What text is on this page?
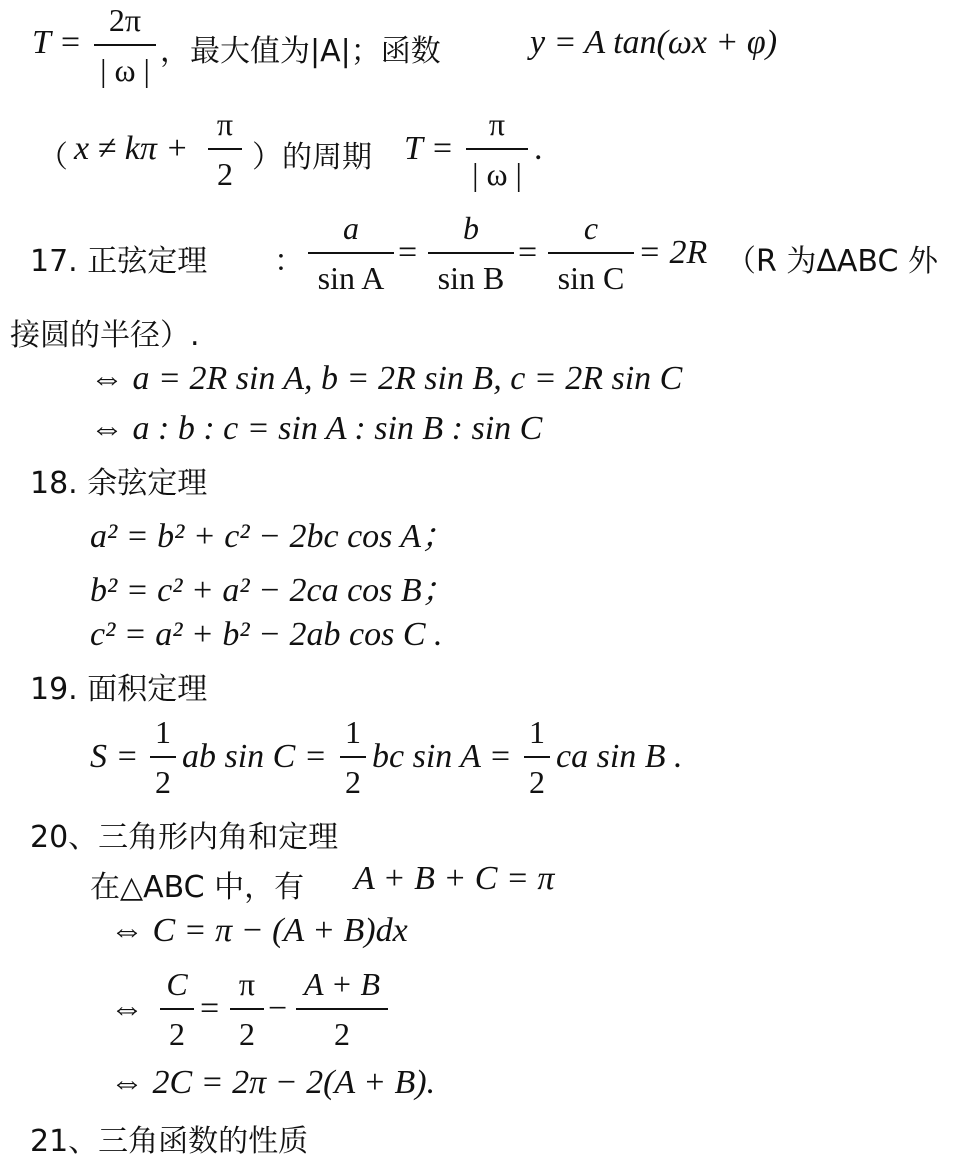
T =
2π
| ω |
，最大值为|A|；函数	y = A tan(ωx + φ)
（ x ≠ kπ +
π
2 ）的周期 T =
π
| ω |
.
17. 正弦定理 ：
a
sin A
=
b
sin B
=
c
sin C
= 2R （R 为ΔABC 外
接圆的半径）.
⇔ a = 2R sin A, b = 2R sin B, c = 2R sin C
⇔ a : b : c = sin A : sin B : sin C
18. 余弦定理
a² = b² + c² − 2bc cos A；
b² = c² + a² − 2ca cos B；
c² = a² + b² − 2ab cos C .
19. 面积定理
S =
1
2
ab sin C =
1
2
bc sin A =
1
2
ca sin B .
20、三角形内角和定理
在△ABC 中，有 A + B + C = π
⇔ C = π − (A + B)dx
⇔
C
2
=
π
2
−
A + B
2
⇔ 2C = 2π − 2(A + B).
21、三角函数的性质
